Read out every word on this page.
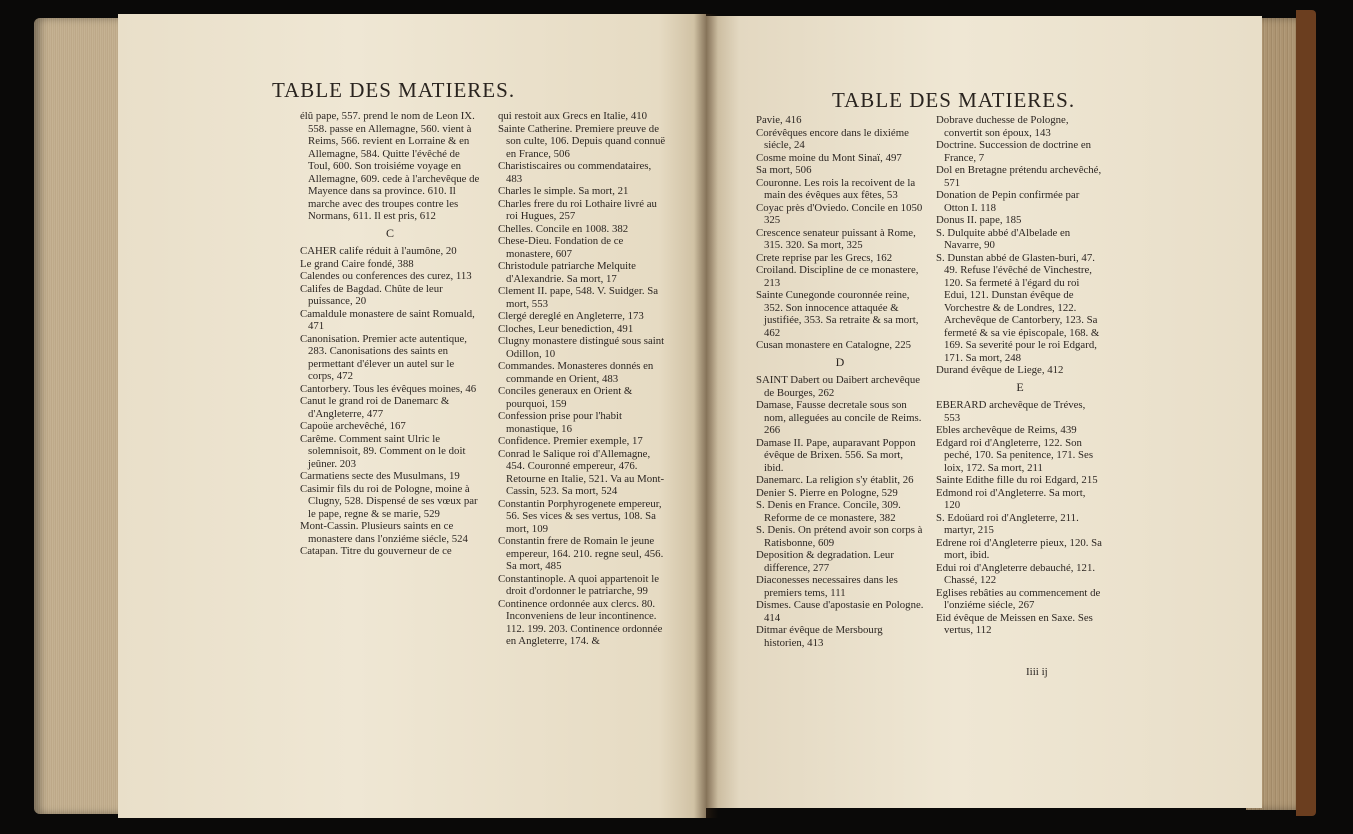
TABLE DES MATIERES.
élû pape, 557. prend le nom de Leon IX. 558. passe en Allemagne, 560. vient à Reims, 566. revient en Lorraine & en Allemagne, 584. Quitte l'évêché de Toul, 600. Son troisiéme voyage en Allemagne, 609. cede à l'archevêque de Mayence dans sa province. 610. Il marche avec des troupes contre les Normans, 611. Il est pris, 612
C
CAHER calife réduit à l'aumône, 20
Le grand Caire fondé, 388
Calendes ou conferences des curez, 113
Califes de Bagdad. Chûte de leur puissance, 20
Camaldule monastere de saint Romuald, 471
Canonisation. Premier acte autentique, 283. Canonisations des saints en permettant d'élever un autel sur le corps, 472
Cantorbery. Tous les évêques moines, 46
Canut le grand roi de Danemarc & d'Angleterre, 477
Capoüe archevêché, 167
Carême. Comment saint Ulric le solemnisoit, 89. Comment on le doit jeûner. 203
Carmatiens secte des Musulmans, 19
Casimir fils du roi de Pologne, moine à Clugny, 528. Dispensé de ses vœux par le pape, regne & se marie, 529
Mont-Cassin. Plusieurs saints en ce monastere dans l'onziéme siécle, 524
Catapan. Titre du gouverneur de ce
qui restoit aux Grecs en Italie, 410
Sainte Catherine. Premiere preuve de son culte, 106. Depuis quand connuë en France, 506
Charistiscaires ou commendataires, 483
Charles le simple. Sa mort, 21
Charles frere du roi Lothaire livré au roi Hugues, 257
Chelles. Concile en 1008. 382
Chese-Dieu. Fondation de ce monastere, 607
Christodule patriarche Melquite d'Alexandrie. Sa mort, 17
Clement II. pape, 548. V. Suidger. Sa mort, 553
Clergé dereglé en Angleterre, 173
Cloches, Leur benediction, 491
Clugny monastere distingué sous saint Odillon, 10
Commandes. Monasteres donnés en commande en Orient, 483
Conciles generaux en Orient & pourquoi, 159
Confession prise pour l'habit monastique, 16
Confidence. Premier exemple, 17
Conrad le Salique roi d'Allemagne, 454. Couronné empereur, 476. Retourne en Italie, 521. Va au Mont-Cassin, 523. Sa mort, 524
Constantin Porphyrogenete empereur, 56. Ses vices & ses vertus, 108. Sa mort, 109
Constantin frere de Romain le jeune empereur, 164. 210. regne seul, 456. Sa mort, 485
Constantinople. A quoi appartenoit le droit d'ordonner le patriarche, 99
Continence ordonnée aux clercs. 80. Inconveniens de leur incontinence. 112. 199. 203. Continence ordonnée en Angleterre, 174. &
TABLE DES MATIERES.
Pavie, 416
Corévêques encore dans le dixiéme siécle, 24
Cosme moine du Mont Sinaï, 497
Sa mort, 506
Couronne. Les rois la recoivent de la main des évêques aux fêtes, 53
Coyac près d'Oviedo. Concile en 1050 325
Crescence senateur puissant à Rome, 315. 320. Sa mort, 325
Crete reprise par les Grecs, 162
Croiland. Discipline de ce monastere, 213
Sainte Cunegonde couronnée reine, 352. Son innocence attaquée & justifiée, 353. Sa retraite & sa mort, 462
Cusan monastere en Catalogne, 225
D
SAINT Dabert ou Daibert archevêque de Bourges, 262
Damase, Fausse decretale sous son nom, alleguées au concile de Reims. 266
Damase II. Pape, auparavant Poppon évêque de Brixen. 556. Sa mort, ibid.
Danemarc. La religion s'y établit, 26
Denier S. Pierre en Pologne, 529
S. Denis en France. Concile, 309. Reforme de ce monastere, 382
S. Denis. On prétend avoir son corps à Ratisbonne, 609
Deposition & degradation. Leur difference, 277
Diaconesses necessaires dans les premiers tems, 111
Dismes. Cause d'apostasie en Pologne. 414
Ditmar évêque de Mersbourg historien, 413
Dobrave duchesse de Pologne, convertit son époux, 143
Doctrine. Succession de doctrine en France, 7
Dol en Bretagne prétendu archevêché, 571
Donation de Pepin confirmée par Otton I. 118
Donus II. pape, 185
S. Dulquite abbé d'Albelade en Navarre, 90
S. Dunstan abbé de Glasten-buri, 47. 49. Refuse l'évêché de Vinchestre, 120. Sa fermeté à l'égard du roi Edui, 121. Dunstan évêque de Vorchestre & de Londres, 122. Archevêque de Cantorbery, 123. Sa fermeté & sa vie épiscopale, 168. & 169. Sa severité pour le roi Edgard, 171. Sa mort, 248
Durand évêque de Liege, 412
E
EBERARD archevêque de Tréves, 553
Ebles archevêque de Reims, 439
Edgard roi d'Angleterre, 122. Son peché, 170. Sa penitence, 171. Ses loix, 172. Sa mort, 211
Sainte Edithe fille du roi Edgard, 215
Edmond roi d'Angleterre. Sa mort, 120
S. Edoüard roi d'Angleterre, 211. martyr, 215
Edrene roi d'Angleterre pieux, 120. Sa mort, ibid.
Edui roi d'Angleterre debauché, 121. Chassé, 122
Eglises rebâties au commencement de l'onziéme siécle, 267
Eid évêque de Meissen en Saxe. Ses vertus, 112
Iiii ij
